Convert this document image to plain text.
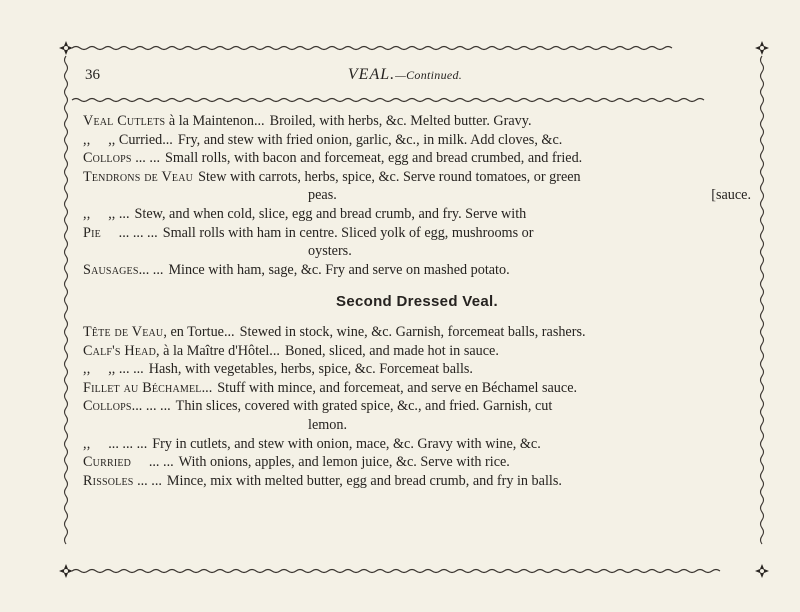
36	VEAL.—Continued.
Veal Cutlets à la Maintenon... Broiled, with herbs, &c. Melted butter. Gravy.
,,     ,, Curried... Fry, and stew with fried onion, garlic, &c., in milk. Add cloves, &c.
Collops ... ... Small rolls, with bacon and forcemeat, egg and bread crumbed, and fried.
Tendrons de Veau Stew with carrots, herbs, spice, &c. Serve round tomatoes, or green
peas.	[sauce.
,,     ,, ... Stew, and when cold, slice, egg and bread crumb, and fry. Serve with
Pie     ... ... ... Small rolls with ham in centre. Sliced yolk of egg, mushrooms or
oysters.
Sausages... ... Mince with ham, sage, &c. Fry and serve on mashed potato.
Second Dressed Veal.
Tête de Veau, en Tortue... Stewed in stock, wine, &c. Garnish, forcemeat balls, rashers.
Calf's Head, à la Maître d'Hôtel... Boned, sliced, and made hot in sauce.
,,     ,, ... ... Hash, with vegetables, herbs, spice, &c. Forcemeat balls.
Fillet au Béchamel... Stuff with mince, and forcemeat, and serve en Béchamel sauce.
Collops... ... ... Thin slices, covered with grated spice, &c., and fried. Garnish, cut
lemon.
,,     ... ... ... Fry in cutlets, and stew with onion, mace, &c. Gravy with wine, &c.
Curried     ... ... With onions, apples, and lemon juice, &c. Serve with rice.
Rissoles ... ... Mince, mix with melted butter, egg and bread crumb, and fry in balls.
